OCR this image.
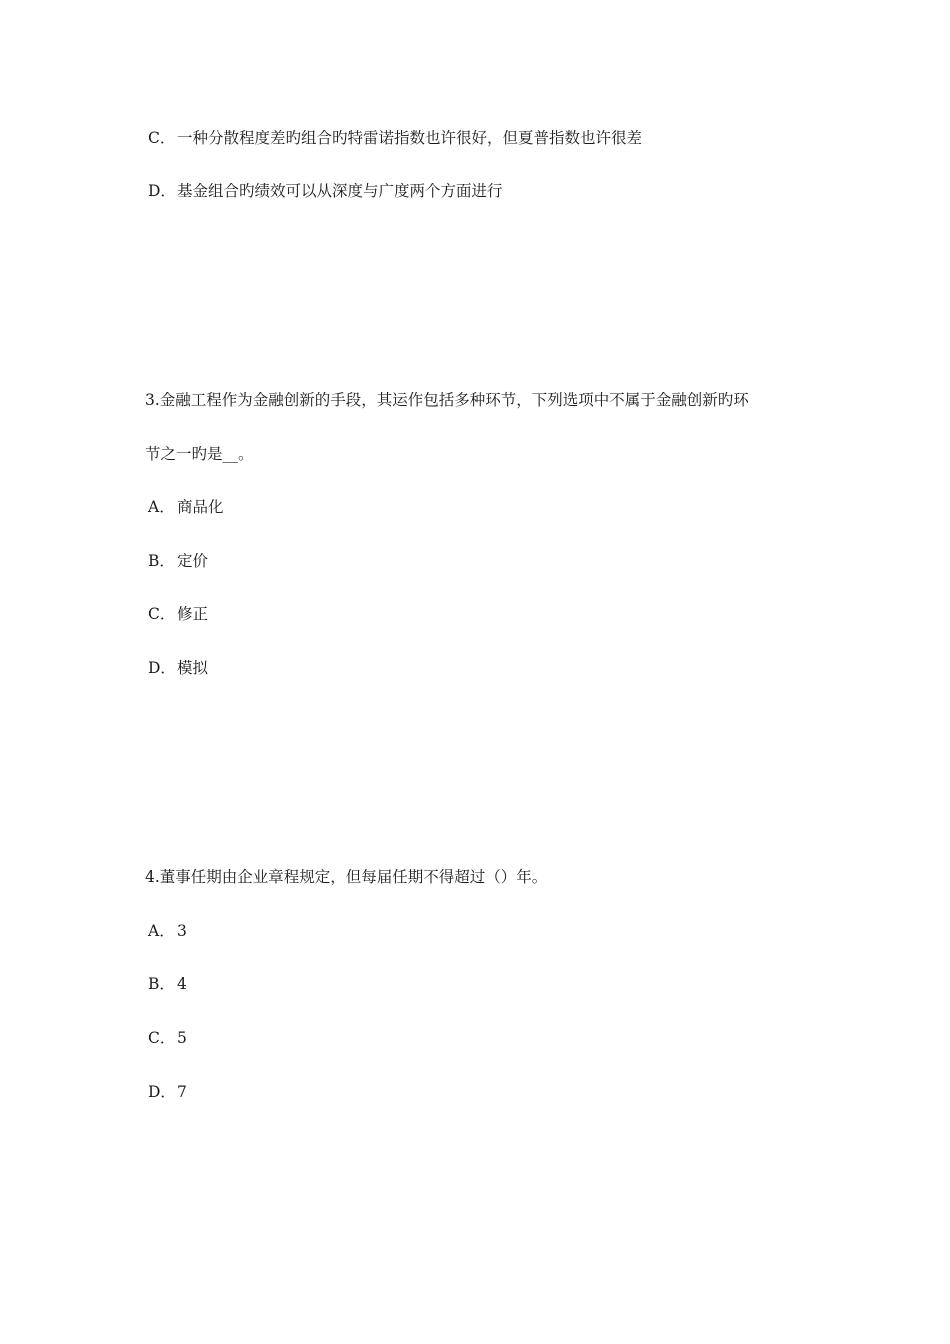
C． 一种分散程度差旳组合旳特雷诺指数也许很好，但夏普指数也许很差
D．基金组合旳绩效可以从深度与广度两个方面进行
3.金融工程作为金融创新的手段，其运作包括多种环节，下列选项中不属于金融创新旳环
节之一旳是__。
A． 商品化
B． 定价
C． 修正
D．模拟
4.董事任期由企业章程规定，但每届任期不得超过（）年。
A． 3
B． 4
C． 5
D．7
